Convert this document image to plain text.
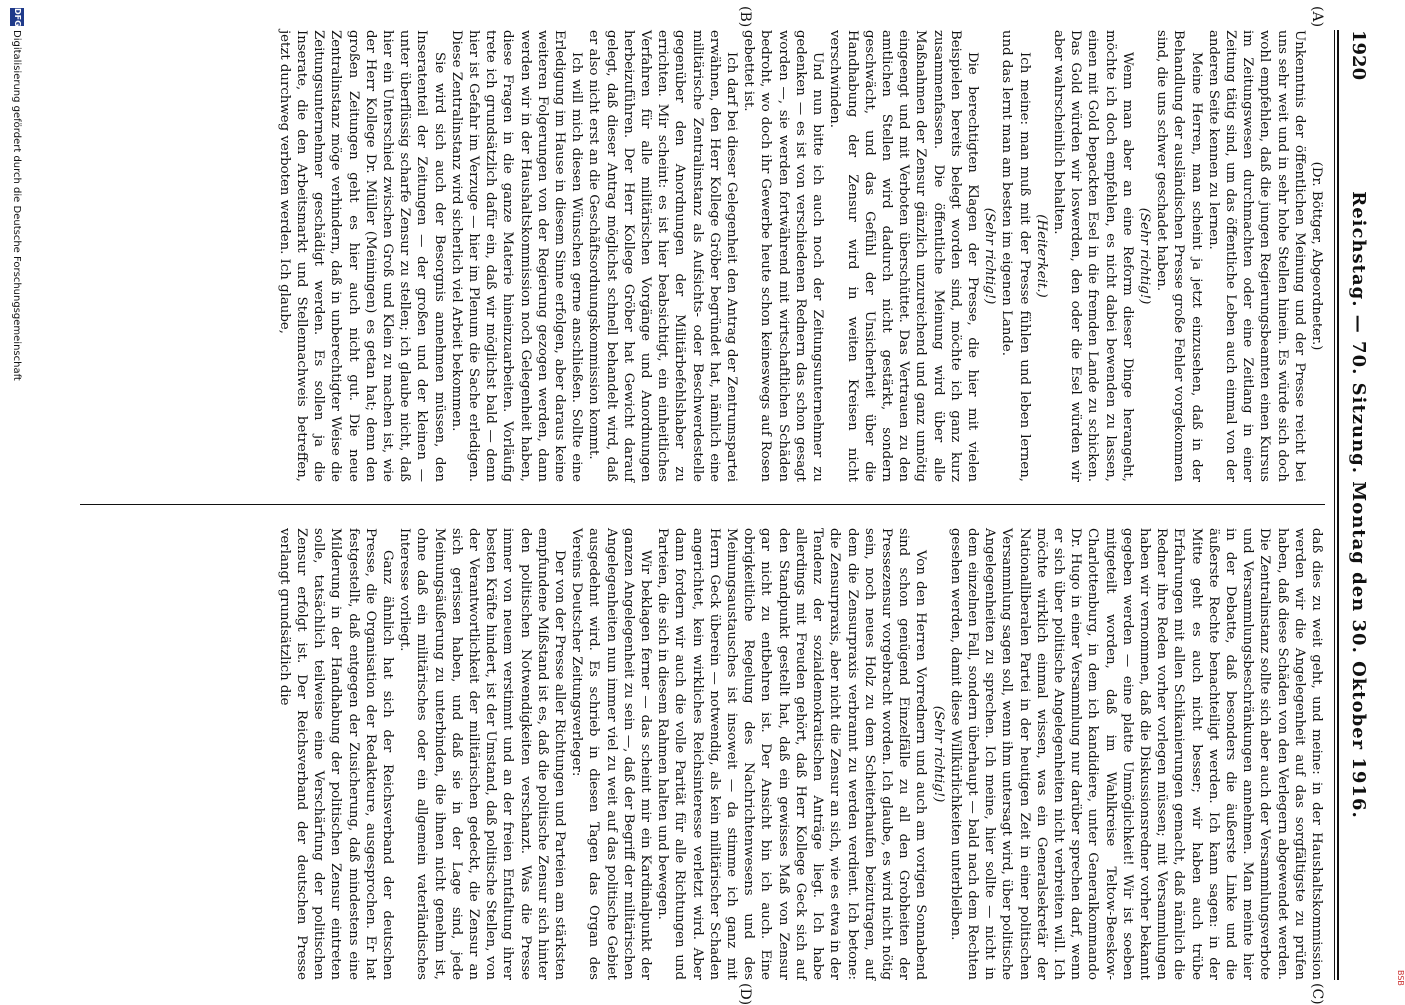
BSB
1920
Reichstag. — 70. Sitzung. Montag den 30. Oktober 1916.
(A)
(B)
(C)
(D)

(Dr. Böttger, Abgeordneter.)

Unkenntnis der öffentlichen Meinung und der Presse reicht bei uns sehr weit und in sehr hohe Stellen hinein. Es würde sich doch wohl empfehlen, daß die jungen Regierungsbeamten einen Kursus im Zeitungswesen durchmachten oder eine Zeitlang in einer Zeitung tätig sind, um das öffentliche Leben auch einmal von der anderen Seite kennen zu lernen.

Meine Herren, man scheint ja jetzt einzusehen, daß in der Behandlung der ausländischen Presse große Fehler vorgekommen sind, die uns schwer geschadet haben.

(Sehr richtig!)

Wenn man aber an eine Reform dieser Dinge herangeht, möchte ich doch empfehlen, es nicht dabei bewenden zu lassen, einen mit Gold bepackten Esel in die fremden Lande zu schicken. Das Gold würden wir loswerden, den oder die Esel würden wir aber wahrscheinlich behalten.

(Heiterkeit.)

Ich meine: man muß mit der Presse fühlen und leben lernen, und das lernt man am besten im eigenen Lande.

(Sehr richtig!)

Die berechtigten Klagen der Presse, die hier mit vielen Beispielen bereits belegt worden sind, möchte ich ganz kurz zusammenfassen. Die öffentliche Meinung wird über alle Maßnahmen der Zensur gänzlich unzureichend und ganz unnötig eingeengt und mit Verboten überschüttet. Das Vertrauen zu den amtlichen Stellen wird dadurch nicht gestärkt, sondern geschwächt, und das Gefühl der Unsicherheit über die Handhabung der Zensur wird in weiten Kreisen nicht verschwinden.

Und nun bitte ich auch noch der Zeitungsunternehmer zu gedenken — es ist von verschiedenen Rednern das schon gesagt worden —, sie werden fortwährend mit wirtschaftlichen Schäden bedroht, wo doch ihr Gewerbe heute schon keineswegs auf Rosen gebettet ist.

Ich darf bei dieser Gelegenheit den Antrag der Zentrumspartei erwähnen, den Herr Kollege Gröber begründet hat, nämlich eine militärische Zentralinstanz als Aufsichts- oder Beschwerdestelle gegenüber den Anordnungen der Militärbefehlshaber zu errichten. Mir scheint: es ist hier beabsichtigt, ein einheitliches Verfahren für alle militärischen Vorgänge und Anordnungen herbeizuführen. Der Herr Kollege Gröber hat Gewicht darauf gelegt, daß dieser Antrag möglichst schnell behandelt wird, daß er also nicht erst an die Geschäftsordnungskommission kommt.

Ich will mich diesen Wünschen gerne anschließen. Sollte eine Erledigung im Hause in diesem Sinne erfolgen, aber daraus keine weiteren Folgerungen von der Regierung gezogen werden, dann werden wir in der Haushaltskommission noch Gelegenheit haben, diese Fragen in die ganze Materie hineinzuarbeiten. Vorläufig trete ich grundsätzlich dafür ein, daß wir möglichst bald — denn hier ist Gefahr im Verzuge — hier im Plenum die Sache erledigen. Diese Zentralinstanz wird sicherlich viel Arbeit bekommen.

Sie wird sich auch der Besorgnis annehmen müssen, den Inseratenteil der Zeitungen — der großen und der kleinen — unter überflüssig scharfe Zensur zu stellen; ich glaube nicht, daß hier ein Unterschied zwischen Groß und Klein zu machen ist, wie der Herr Kollege Dr. Müller (Meiningen) es getan hat; denn den großen Zeitungen geht es hier auch nicht gut. Die neue Zentralinstanz möge verhindern, daß in unberechtigter Weise die Zeitungsunternehmer geschädigt werden. Es sollen ja die Inserate, die den Arbeitsmarkt und Stellennachweis betreffen, jetzt durchweg verboten werden. Ich glaube,

daß dies zu weit geht, und meine: in der Haushaltskommission werden wir die Angelegenheit auf das sorgfältigste zu prüfen haben, daß diese Schäden von den Verlegern abgewendet werden. Die Zentralinstanz sollte sich aber auch der Versammlungsverbote und Versammlungsbeschränkungen annehmen. Man meinte hier in der Debatte, daß besonders die äußerste Linke und die äußerste Rechte benachteiligt werden. Ich kann sagen: in der Mitte geht es auch nicht besser; wir haben auch trübe Erfahrungen mit allen Schikanierungen gemacht, daß nämlich die Redner ihre Reden vorher vorlegen müssen; mit Versammlungen haben wir vernommen, daß die Diskussionsredner vorher bekannt gegeben werden — eine platte Unmöglichkeit! Wir ist soeben mitgeteilt worden, daß im Wahlkreise Teltow-Beeskow-Charlottenburg, in dem ich kandidiere, unter Generalkommando Dr. Hugo in einer Versammlung nur darüber sprechen darf, wenn er sich über politische Angelegenheiten nicht verbreiten will. Ich möchte wirklich einmal wissen, was ein Generalsekretär der Nationalliberalen Partei in der heutigen Zeit in einer politischen Versammlung sagen soll, wenn ihm untersagt wird, über politische Angelegenheiten zu sprechen. Ich meine, hier sollte — nicht in dem einzelnen Fall, sondern überhaupt — bald nach dem Rechten gesehen werden, damit diese Willkürlichkeiten unterbleiben.

(Sehr richtig!)

Von den Herren Vorrednern und auch am vorigen Sonnabend sind schon genügend Einzelfälle zu all den Grobheiten der Pressezensur vorgebracht worden. Ich glaube, es wird nicht nötig sein, noch neues Holz zu dem Scheiterhaufen beizutragen, auf dem die Zensurpraxis verbrannt zu werden verdient. Ich betone: die Zensurpraxis, aber nicht die Zensur an sich, wie es etwa in der Tendenz der sozialdemokratischen Anträge liegt. Ich habe allerdings mit Freuden gehört, daß Herr Kollege Geck sich auf den Standpunkt gestellt hat, daß ein gewisses Maß von Zensur gar nicht zu entbehren ist. Der Ansicht bin ich auch. Eine obrigkeitliche Regelung des Nachrichtenwesens und des Meinungsaustausches ist insoweit — da stimme ich ganz mit Herrn Geck überein — notwendig, als kein militärischer Schaden angerichtet, kein wirkliches Reichsinteresse verletzt wird. Aber dann fordern wir auch die volle Parität für alle Richtungen und Parteien, die sich in diesem Rahmen halten und bewegen.

Wir beklagen ferner — das scheint mir ein Kardinalpunkt der ganzen Angelegenheit zu sein —, daß der Begriff der militärischen Angelegenheiten nun immer viel zu weit auf das politische Gebiet ausgedehnt wird. Es schrieb in diesen Tagen das Organ des Vereins Deutscher Zeitungsverleger:

Der von der Presse aller Richtungen und Parteien am stärksten empfundene Mißstand ist es, daß die politische Zensur sich hinter den politischen Notwendigkeiten verschanzt. Was die Presse immer von neuem verstimmt und an der freien Entfaltung ihrer besten Kräfte hindert, ist der Umstand, daß politische Stellen, von der Verantwortlichkeit der militärischen gedeckt, die Zensur an sich gerissen haben, und daß sie in der Lage sind, jede Meinungsäußerung zu unterbinden, die ihnen nicht genehm ist, ohne daß ein militärisches oder ein allgemein vaterländisches Interesse vorliegt.

Ganz ähnlich hat sich der Reichsverband der deutschen Presse, die Organisation der Redakteure, ausgesprochen. Er hat festgestellt, daß entgegen der Zusicherung, daß mindestens eine Milderung in der Handhabung der politischen Zensur eintreten solle, tatsächlich teilweise eine Verschärfung der politischen Zensur erfolgt ist. Der Reichsverband der deutschen Presse verlangt grundsätzlich die

DFG
Digitalisierung gefördert durch die Deutsche Forschungsgemeinschaft
